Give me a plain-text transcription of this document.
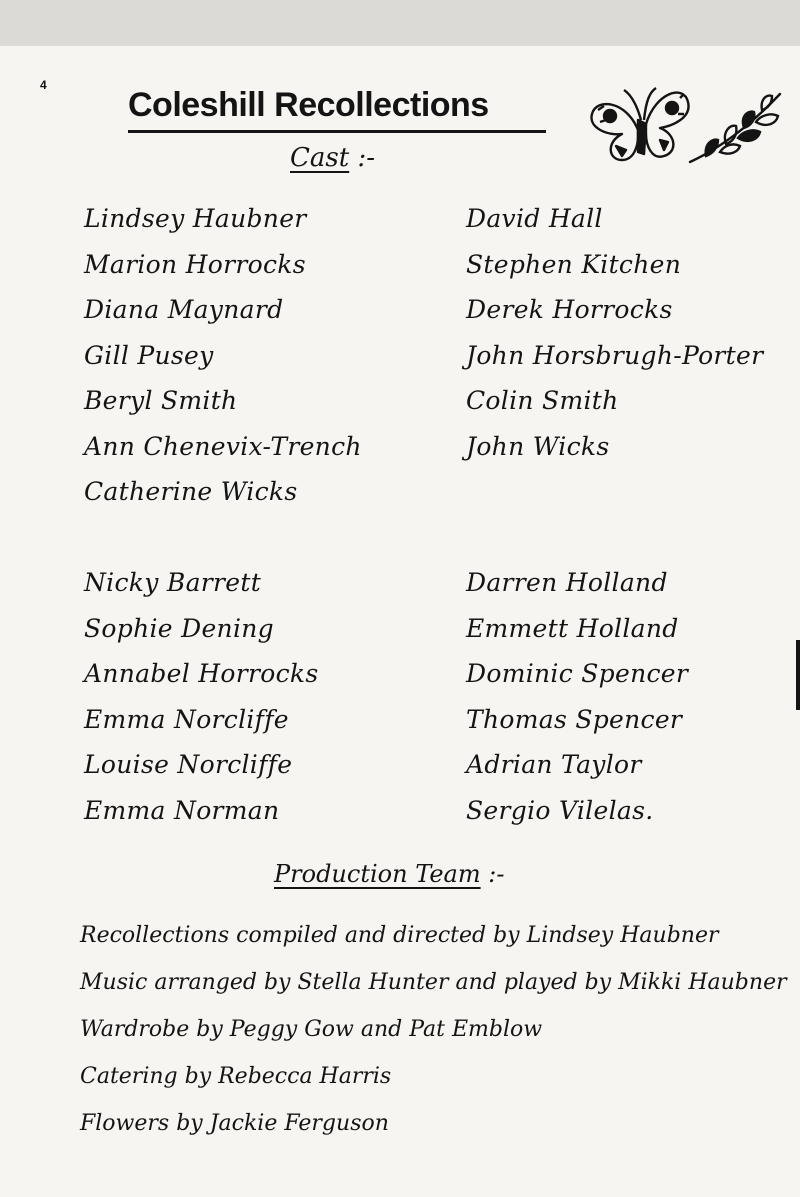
4
Coleshill Recollections
Cast :-
Lindsey Haubner
Marion Horrocks
Diana Maynard
Gill Pusey
Beryl Smith
Ann Chenevix-Trench
Catherine Wicks
David Hall
Stephen Kitchen
Derek Horrocks
John Horsbrugh-Porter
Colin Smith
John Wicks
Nicky Barrett
Sophie Dening
Annabel Horrocks
Emma Norcliffe
Louise Norcliffe
Emma Norman
Darren Holland
Emmett Holland
Dominic Spencer
Thomas Spencer
Adrian Taylor
Sergio Vilelas.
Production Team :-
Recollections compiled and directed by Lindsey Haubner
Music arranged by Stella Hunter and played by Mikki Haubner
Wardrobe by Peggy Gow and Pat Emblow
Catering by Rebecca Harris
Flowers by Jackie Ferguson
